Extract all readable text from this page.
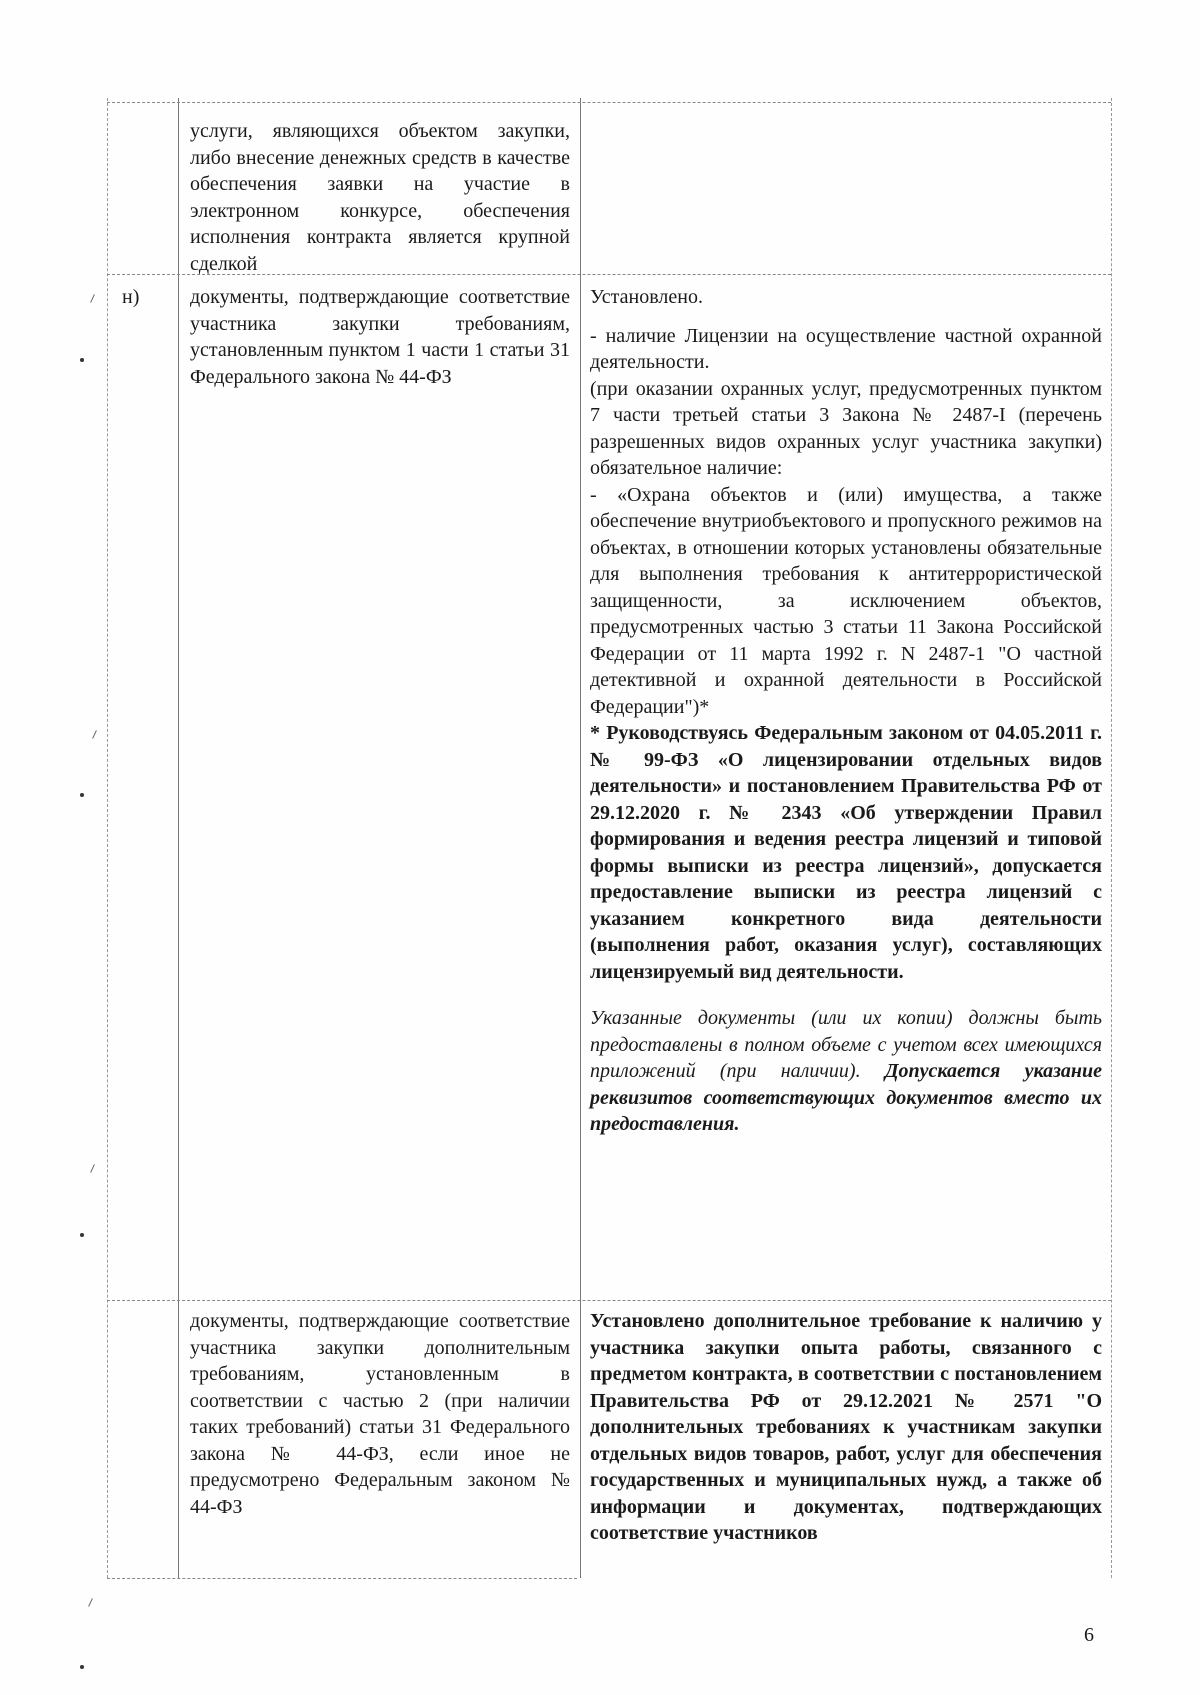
услуги, являющихся объектом закупки, либо внесение денежных средств в качестве обеспечения заявки на участие в электронном конкурсе, обеспечения исполнения контракта является крупной сделкой

н)	документы, подтверждающие соответствие участника закупки требованиям, установленным пунктом 1 части 1 статьи 31 Федерального закона № 44-ФЗ

Установлено.

- наличие Лицензии на осуществление частной охранной деятельности.

(при оказании охранных услуг, предусмотренных пунктом 7 части третьей статьи 3 Закона № 2487-I (перечень разрешенных видов охранных услуг участника закупки) обязательное наличие:

- «Охрана объектов и (или) имущества, а также обеспечение внутриобъектового и пропускного режимов на объектах, в отношении которых установлены обязательные для выполнения требования к антитеррористической защищенности, за исключением объектов, предусмотренных частью 3 статьи 11 Закона Российской Федерации от 11 марта 1992 г. N 2487-1 "О частной детективной и охранной деятельности в Российской Федерации")*

* Руководствуясь Федеральным законом от 04.05.2011 г. № 99-ФЗ «О лицензировании отдельных видов деятельности» и постановлением Правительства РФ от 29.12.2020 г. № 2343 «Об утверждении Правил формирования и ведения реестра лицензий и типовой формы выписки из реестра лицензий», допускается предоставление выписки из реестра лицензий с указанием конкретного вида деятельности (выполнения работ, оказания услуг), составляющих лицензируемый вид деятельности.

Указанные документы (или их копии) должны быть предоставлены в полном объеме с учетом всех имеющихся приложений (при наличии). Допускается указание реквизитов соответствующих документов вместо их предоставления.

документы, подтверждающие соответствие участника закупки дополнительным требованиям, установленным в соответствии с частью 2 (при наличии таких требований) статьи 31 Федерального закона № 44-ФЗ, если иное не предусмотрено Федеральным законом № 44-ФЗ

Установлено дополнительное требование к наличию у участника закупки опыта работы, связанного с предметом контракта, в соответствии с постановлением Правительства РФ от 29.12.2021 № 2571 "О дополнительных требованиях к участникам закупки отдельных видов товаров, работ, услуг для обеспечения государственных и муниципальных нужд, а также об информации и документах, подтверждающих соответствие участников

6
